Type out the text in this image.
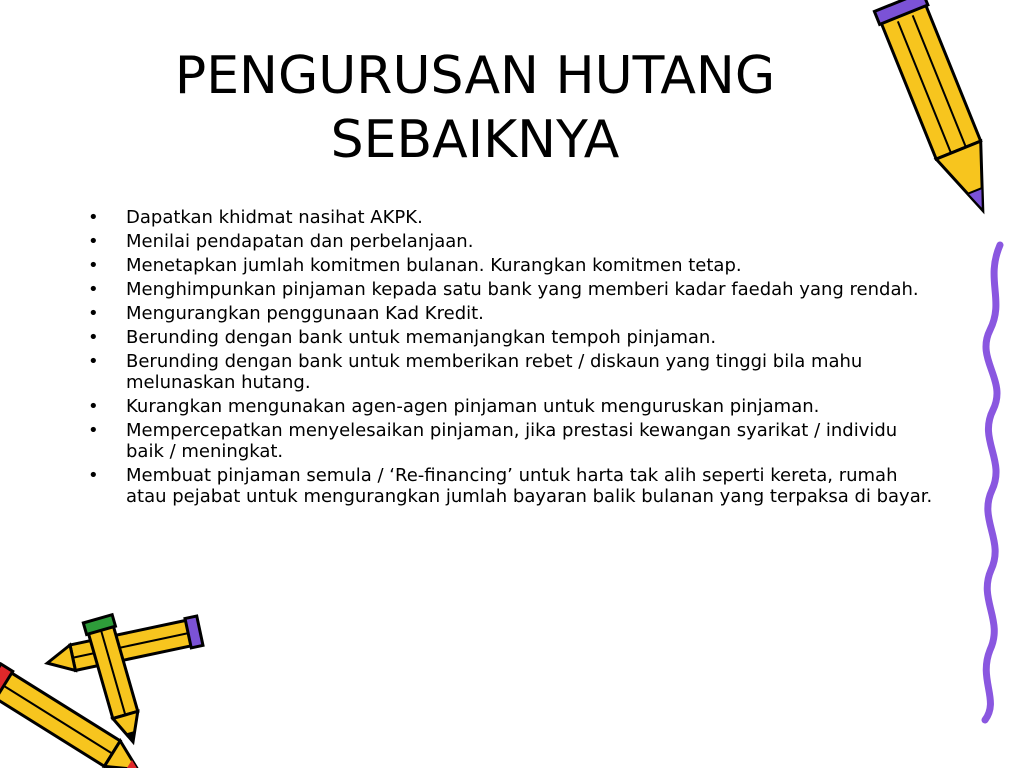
PENGURUSAN HUTANG
SEBAIKNYA
• Dapatkan khidmat nasihat AKPK.
• Menilai pendapatan dan perbelanjaan.
• Menetapkan jumlah komitmen bulanan. Kurangkan komitmen tetap.
• Menghimpunkan pinjaman kepada satu bank yang memberi kadar faedah yang rendah.
• Mengurangkan penggunaan Kad Kredit.
• Berunding dengan bank untuk memanjangkan tempoh pinjaman.
• Berunding dengan bank untuk memberikan rebet / diskaun yang tinggi bila mahu melunaskan hutang.
• Kurangkan mengunakan agen-agen pinjaman untuk menguruskan pinjaman.
• Mempercepatkan menyelesaikan pinjaman, jika prestasi kewangan syarikat / individu baik / meningkat.
• Membuat pinjaman semula / ‘Re-financing’ untuk harta tak alih seperti kereta, rumah atau pejabat untuk mengurangkan jumlah bayaran balik bulanan yang terpaksa di bayar.
